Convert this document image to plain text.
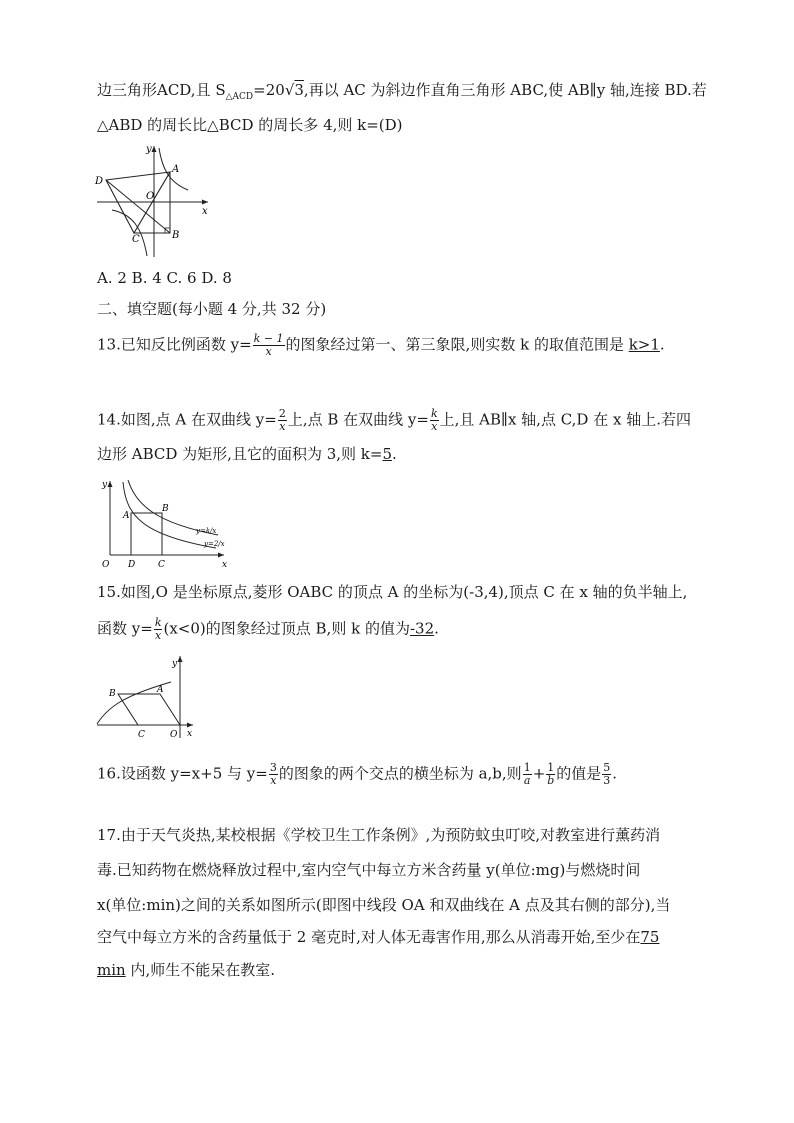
边三角形ACD,且 $S_{\triangle ACD}=20√3$,再以 AC 为斜边作直角三角形 ABC,使 AB∥y 轴,连接 BD.若
△ABD 的周长比△BCD 的周长多 4,则 k=(D)
y
x
A
D
O
C	B
A. 2 B. 4 C. 6 D. 8
二、填空题(每小题 4 分,共 32 分)
13.已知反比例函数 $y= \frac{k - 1}{x}$ 的图象经过第一、第三象限,则实数 k 的取值范围是 k>1.
14.如图,点 A 在双曲线 $y= \frac{2}{x}$ 上,点 B 在双曲线 $y= \frac{k}{x}$ 上,且 AB∥x 轴,点 C,D 在 x 轴上.若四
边形 ABCD 为矩形,且它的面积为 3,则 k=5.
y
x
O D	C
A
B
y=k/x
y=2/x
15.如图,O 是坐标原点,菱形 OABC 的顶点 A 的坐标为(-3,4),顶点 C 在 x 轴的负半轴上,
函数 $y= \frac{k}{x} (x<0)$的图象经过顶点 B,则 k 的值为-32.
y
x
B	A
C	O
16.设函数 y=x+5 与 $y= \frac{3}{x}$ 的图象的两个交点的横坐标为 a,b,则 $\frac{1}{a} + \frac{1}{b}$ 的值是 $\frac{5}{3}$ .
17.由于天气炎热,某校根据《学校卫生工作条例》,为预防蚊虫叮咬,对教室进行薰药消
毒.已知药物在燃烧释放过程中,室内空气中每立方米含药量 y(单位:mg)与燃烧时间
x(单位:min)之间的关系如图所示(即图中线段 OA 和双曲线在 A 点及其右侧的部分),当
空气中每立方米的含药量低于 2 毫克时,对人体无毒害作用,那么从消毒开始,至少在75
min 内,师生不能呆在教室.
